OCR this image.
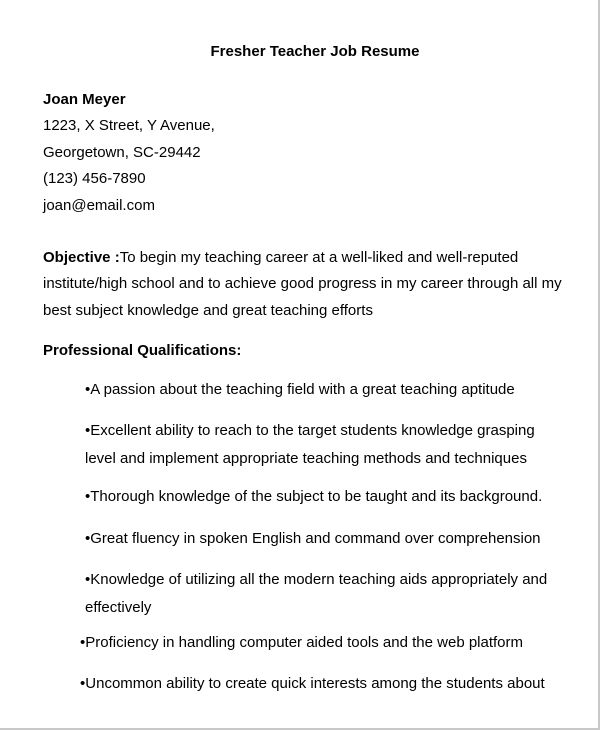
Fresher Teacher Job Resume
Joan Meyer
1223, X Street, Y Avenue,
Georgetown, SC-29442
(123) 456-7890
joan@email.com
Objective :To begin my teaching career at a well-liked and well-reputed
institute/high school and to achieve good progress in my career through all my
best subject knowledge and great teaching efforts
Professional Qualifications:
•A passion about the teaching field with a great teaching aptitude
•Excellent ability to reach to the target students knowledge grasping
level and implement appropriate teaching methods and techniques
•Thorough knowledge of the subject to be taught and its background.
•Great fluency in spoken English and command over comprehension
•Knowledge of utilizing all the modern teaching aids appropriately and
effectively
•Proficiency in handling computer aided tools and the web platform
•Uncommon ability to create quick interests among the students about
